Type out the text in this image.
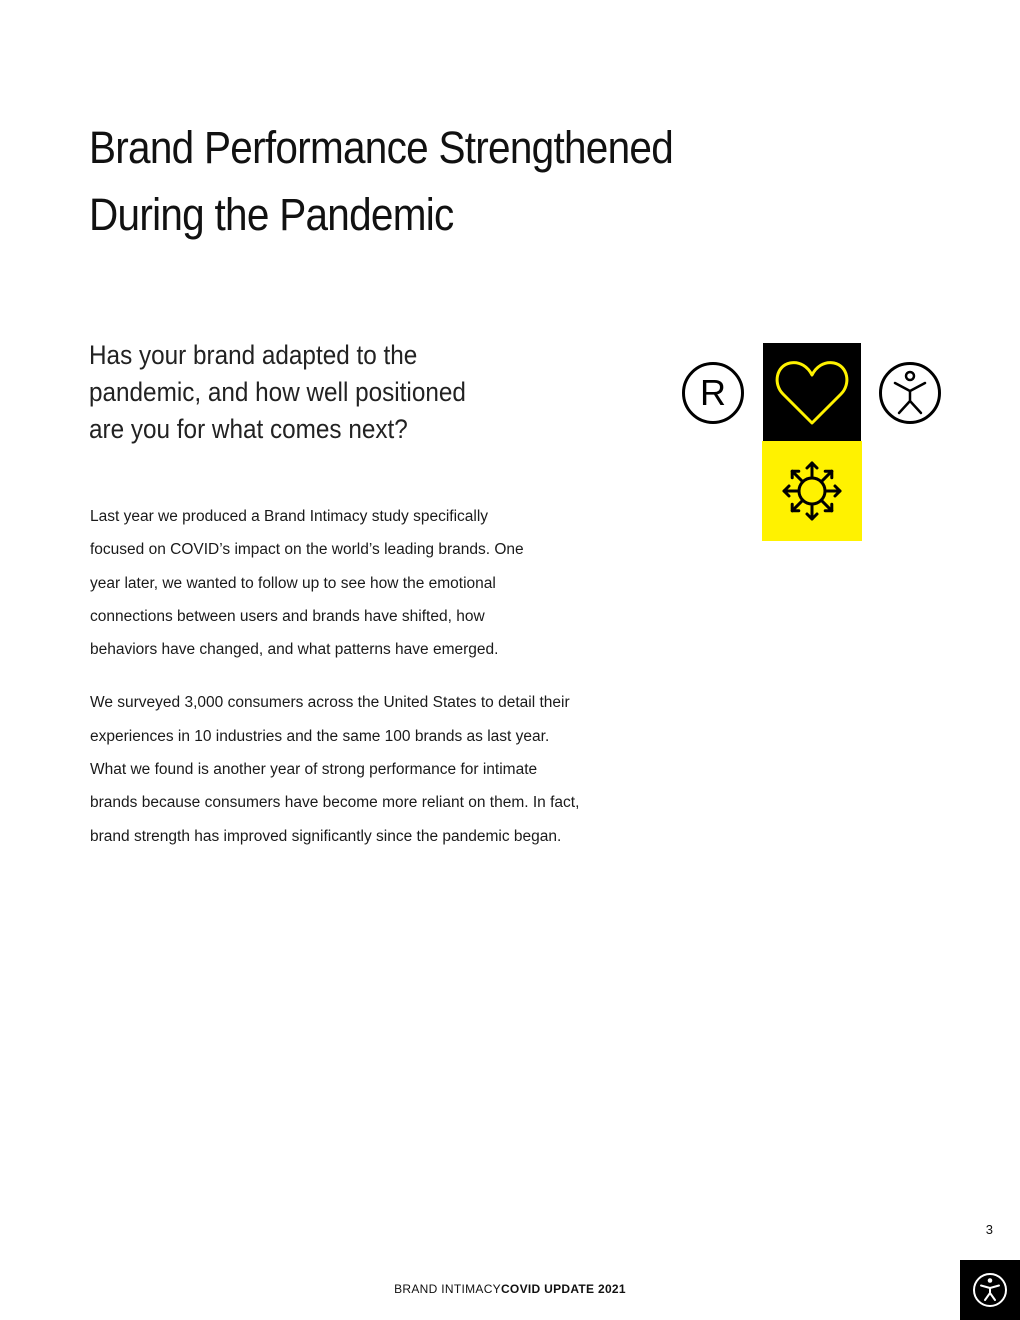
Brand Performance Strengthened
During the Pandemic
Has your brand adapted to the
pandemic, and how well positioned
are you for what comes next?

Last year we produced a Brand Intimacy study specifically
focused on COVID’s impact on the world’s leading brands. One
year later, we wanted to follow up to see how the emotional
connections between users and brands have shifted, how
behaviors have changed, and what patterns have emerged.

We surveyed 3,000 consumers across the United States to detail their
experiences in 10 industries and the same 100 brands as last year.
What we found is another year of strong performance for intimate
brands because consumers have become more reliant on them. In fact,
brand strength has improved significantly since the pandemic began.

R
3
BRAND INTIMACYCOVID UPDATE 2021
